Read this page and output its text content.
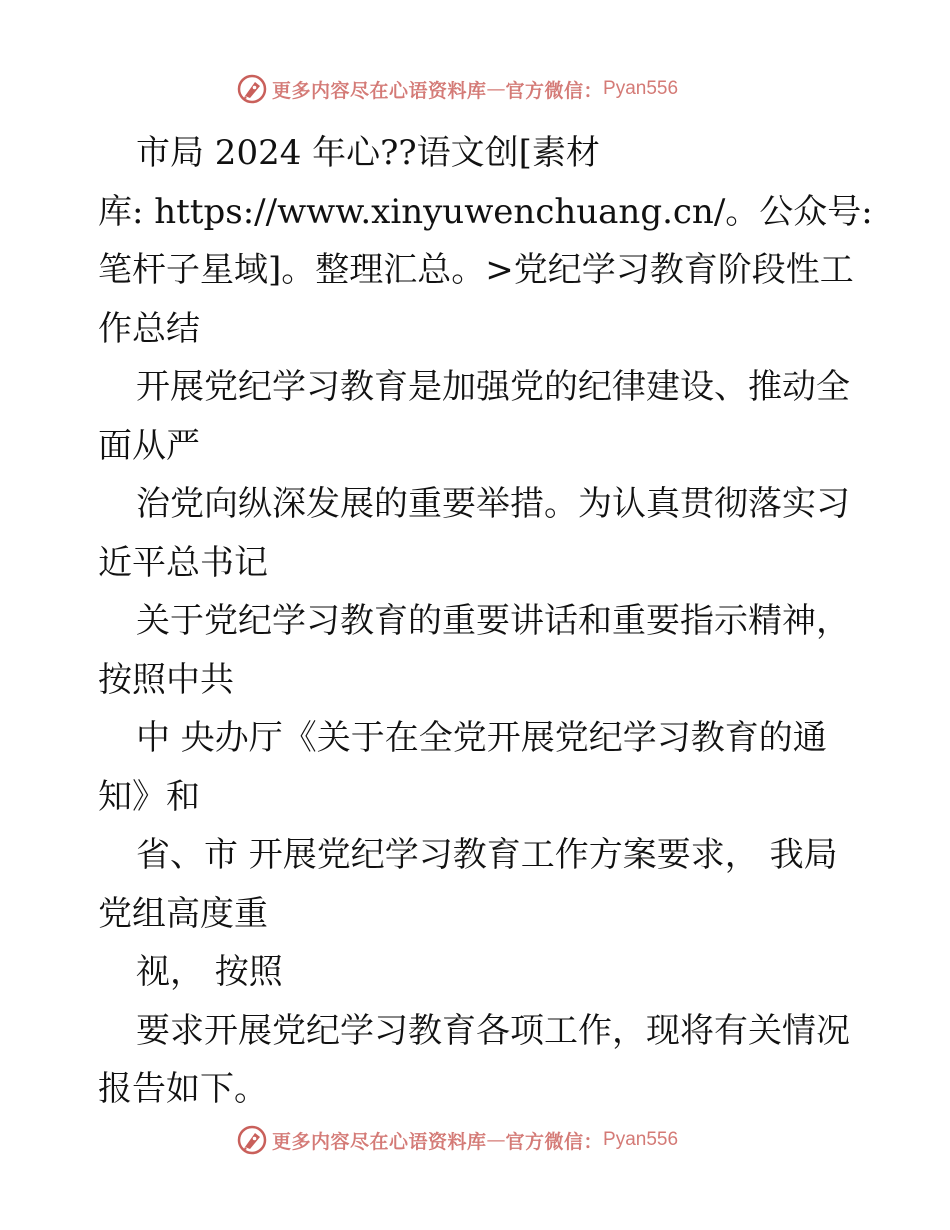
更多内容尽在心语资料库 — 官方微信： Pyan556
市局 2024 年心??语文创[素材
库: https://www.xinyuwenchuang.cn/。公众号:
笔杆子星域]。整理汇总。>党纪学习教育阶段性工
作总结
开展党纪学习教育是加强党的纪律建设、推动全
面从严
治党向纵深发展的重要举措。为认真贯彻落实习
近平总书记
关于党纪学习教育的重要讲话和重要指示精神，
按照中共
中 央办厅《关于在全党开展党纪学习教育的通
知》和
省、市 开展党纪学习教育工作方案要求， 我局
党组高度重
视， 按照
要求开展党纪学习教育各项工作，现将有关情况
报告如下。
更多内容尽在心语资料库 — 官方微信： Pyan556
